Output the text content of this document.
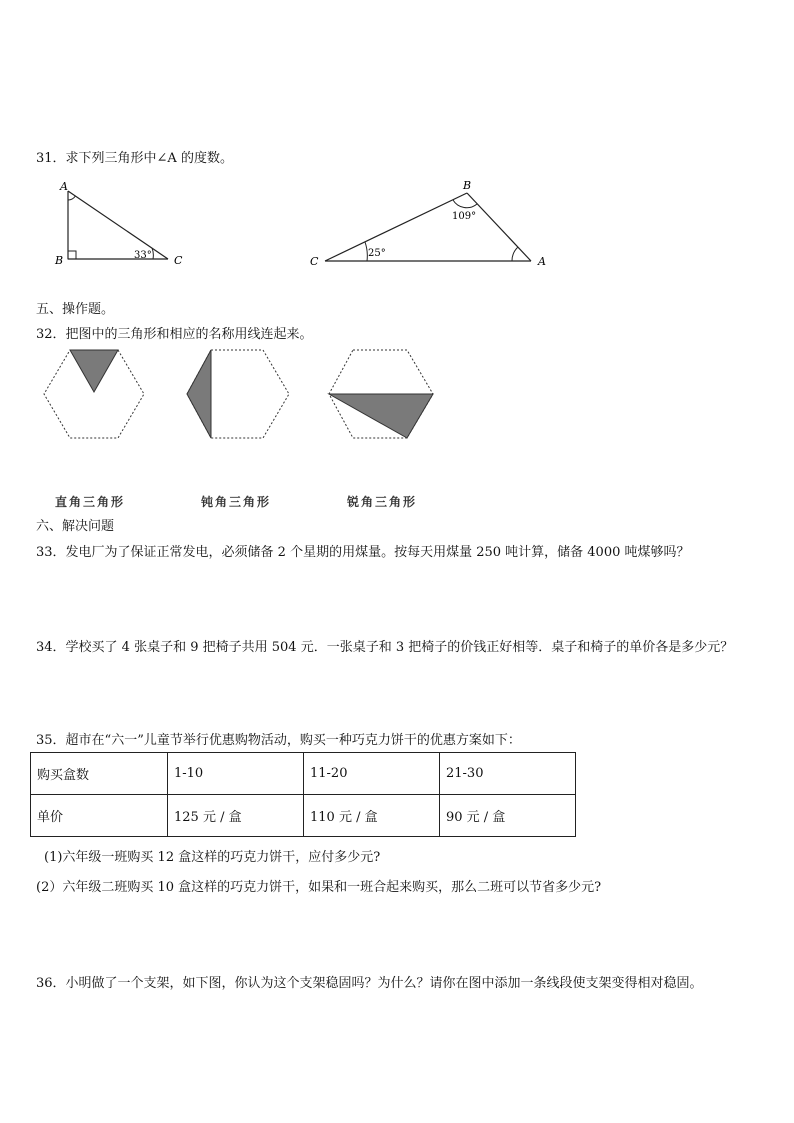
31．求下列三角形中∠A 的度数。
A
B	C
33°
B
C	A
109°
25°
五、操作题。
32．把图中的三角形和相应的名称用线连起来。
直角三角形	钝角三角形	锐角三角形
六、解决问题
33．发电厂为了保证正常发电，必须储备 2 个星期的用煤量。按每天用煤量 250 吨计算，储备 4000 吨煤够吗？
34．学校买了 4 张桌子和 9 把椅子共用 504 元．一张桌子和 3 把椅子的价钱正好相等．桌子和椅子的单价各是多少元？
35．超市在“六一”儿童节举行优惠购物活动，购买一种巧克力饼干的优惠方案如下：
购买盒数	1-10	11-20	21-30
单价	125 元 / 盒	110 元 / 盒	90 元 / 盒
(1)六年级一班购买 12 盒这样的巧克力饼干，应付多少元?
(2）六年级二班购买 10 盒这样的巧克力饼干，如果和一班合起来购买，那么二班可以节省多少元?
36．小明做了一个支架，如下图，你认为这个支架稳固吗？为什么？请你在图中添加一条线段使支架变得相对稳固。
